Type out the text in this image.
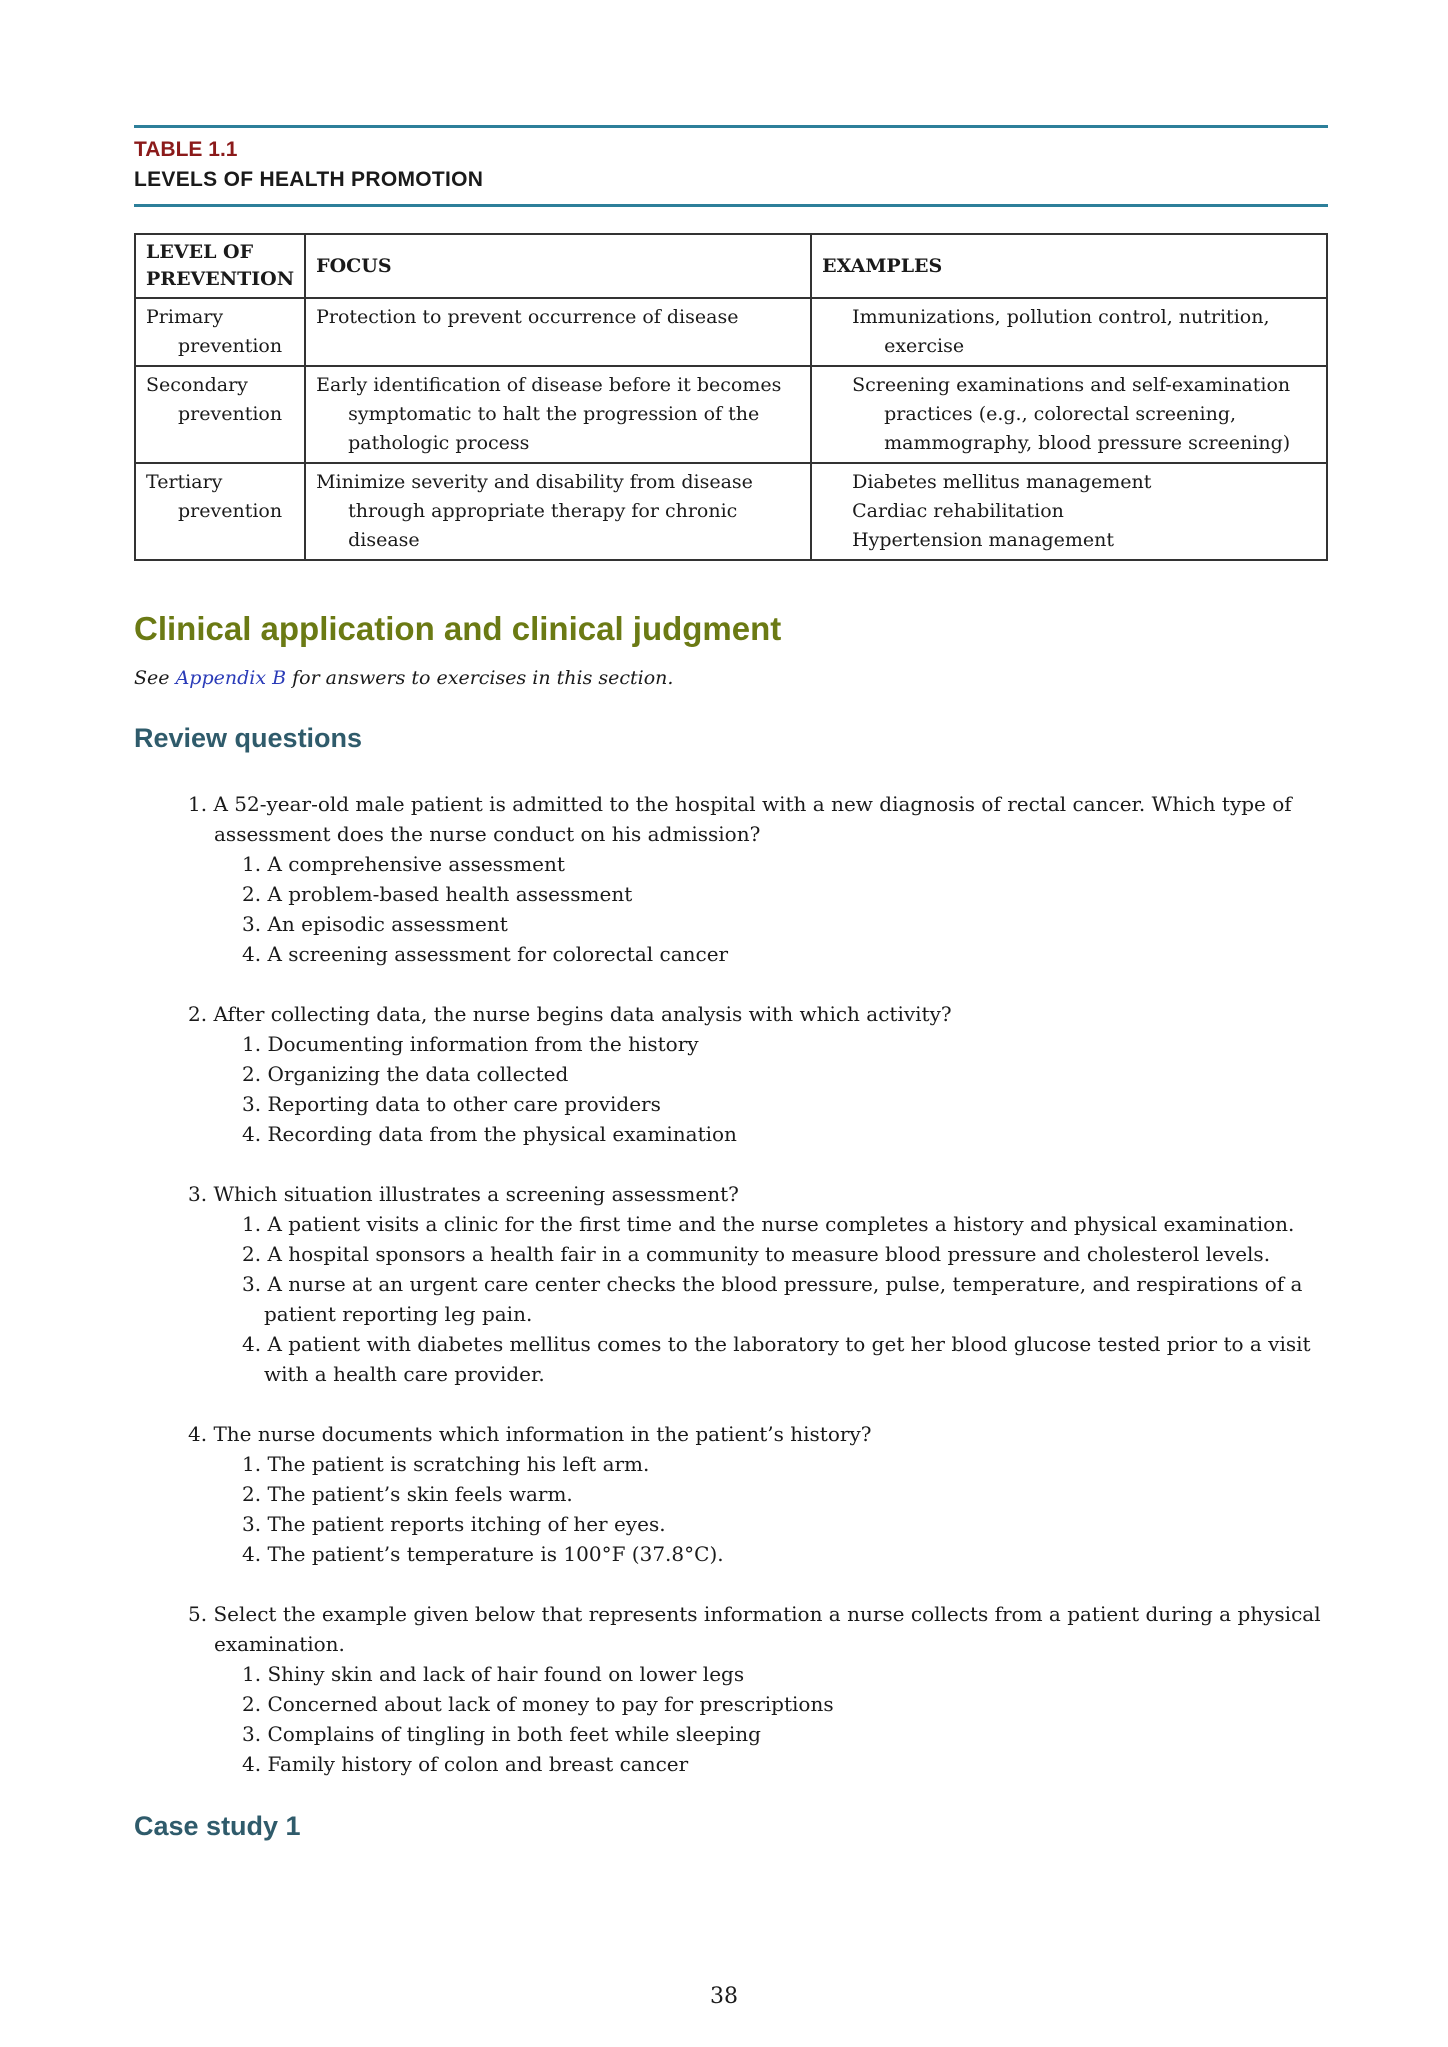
TABLE 1.1
LEVELS OF HEALTH PROMOTION
LEVEL OF PREVENTION	FOCUS	EXAMPLES

Primary prevention	Protection to prevent occurrence of disease	Immunizations, pollution control, nutrition, exercise

Secondary prevention	Early identification of disease before it becomes symptomatic to halt the progression of the pathologic process	Screening examinations and self-examination practices (e.g., colorectal screening, mammography, blood pressure screening)

Tertiary prevention	Minimize severity and disability from disease through appropriate therapy for chronic disease	Diabetes mellitus management
Cardiac rehabilitation
Hypertension management
Clinical application and clinical judgment

See Appendix B for answers to exercises in this section.

Review questions
1. A 52-year-old male patient is admitted to the hospital with a new diagnosis of rectal cancer. Which type of assessment does the nurse conduct on his admission?
1. A comprehensive assessment
2. A problem-based health assessment
3. An episodic assessment
4. A screening assessment for colorectal cancer
2. After collecting data, the nurse begins data analysis with which activity?
1. Documenting information from the history
2. Organizing the data collected
3. Reporting data to other care providers
4. Recording data from the physical examination
3. Which situation illustrates a screening assessment?
1. A patient visits a clinic for the first time and the nurse completes a history and physical examination.
2. A hospital sponsors a health fair in a community to measure blood pressure and cholesterol levels.
3. A nurse at an urgent care center checks the blood pressure, pulse, temperature, and respirations of a patient reporting leg pain.
4. A patient with diabetes mellitus comes to the laboratory to get her blood glucose tested prior to a visit with a health care provider.
4. The nurse documents which information in the patient’s history?
1. The patient is scratching his left arm.
2. The patient’s skin feels warm.
3. The patient reports itching of her eyes.
4. The patient’s temperature is 100°F (37.8°C).
5. Select the example given below that represents information a nurse collects from a patient during a physical examination.
1. Shiny skin and lack of hair found on lower legs
2. Concerned about lack of money to pay for prescriptions
3. Complains of tingling in both feet while sleeping
4. Family history of colon and breast cancer
Case study 1
38
